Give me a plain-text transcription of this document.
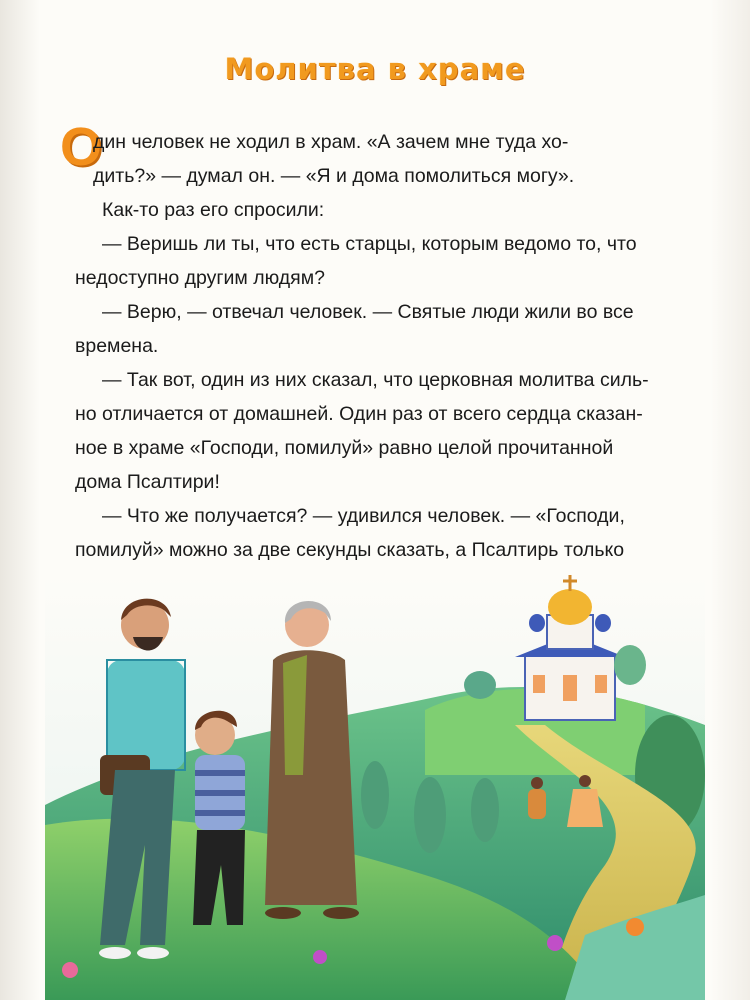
Молитва в храме
О
дин человек не ходил в храм. «А зачем мне туда хо-
дить?» — думал он. — «Я и дома помолиться могу».
Как-то раз его спросили:
— Веришь ли ты, что есть старцы, которым ведомо то, что
недоступно другим людям?
— Верю, — отвечал человек. — Святые люди жили во все
времена.
— Так вот, один из них сказал, что церковная молитва силь-
но отличается от домашней. Один раз от всего сердца сказан-
ное в храме «Господи, помилуй» равно целой прочитанной
дома Псалтири!
— Что же получается? — удивился человек. — «Господи,
помилуй» можно за две секунды сказать, а Псалтирь только
